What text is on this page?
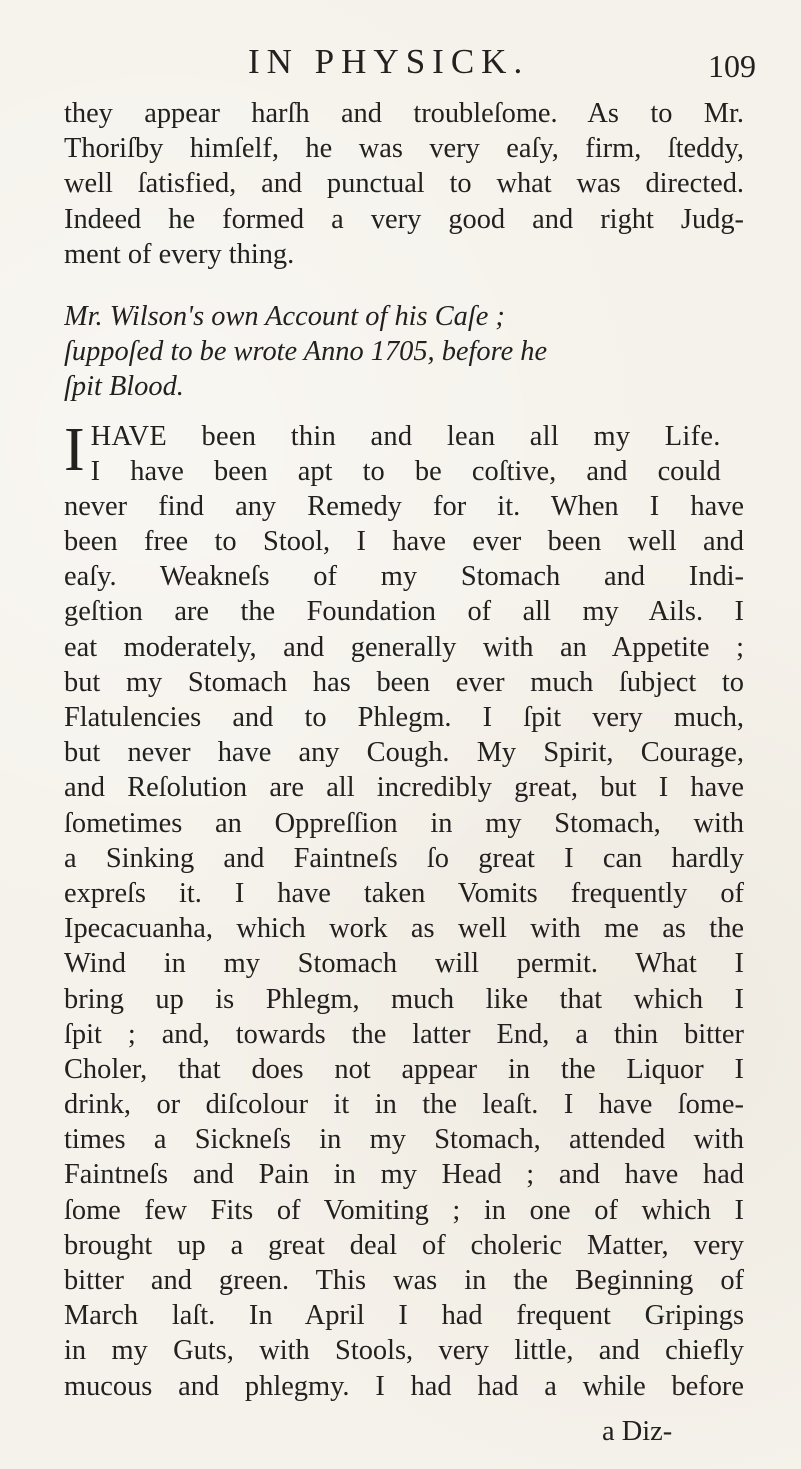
IN PHYSICK.	109
they appear harſh and troubleſome. As to Mr.
Thoriſby himſelf, he was very eaſy, firm, ſteddy,
well ſatisfied, and punctual to what was directed.
Indeed he formed a very good and right Judg-
ment of every thing.
Mr. Wilson's own Account of his Caſe ;
ſuppoſed to be wrote Anno 1705, before he
ſpit Blood.
I HAVE been thin and lean all my Life.
I have been apt to be coſtive, and could
never find any Remedy for it. When I have
been free to Stool, I have ever been well and
eaſy. Weakneſs of my Stomach and Indi-
geſtion are the Foundation of all my Ails. I
eat moderately, and generally with an Appetite ;
but my Stomach has been ever much ſubject to
Flatulencies and to Phlegm. I ſpit very much,
but never have any Cough. My Spirit, Courage,
and Reſolution are all incredibly great, but I have
ſometimes an Oppreſſion in my Stomach, with
a Sinking and Faintneſs ſo great I can hardly
expreſs it. I have taken Vomits frequently of
Ipecacuanha, which work as well with me as the
Wind in my Stomach will permit. What I
bring up is Phlegm, much like that which I
ſpit ; and, towards the latter End, a thin bitter
Choler, that does not appear in the Liquor I
drink, or diſcolour it in the leaſt. I have ſome-
times a Sickneſs in my Stomach, attended with
Faintneſs and Pain in my Head ; and have had
ſome few Fits of Vomiting ; in one of which I
brought up a great deal of choleric Matter, very
bitter and green. This was in the Beginning of
March laſt. In April I had frequent Gripings
in my Guts, with Stools, very little, and chiefly
mucous and phlegmy. I had had a while before
a Diz-
